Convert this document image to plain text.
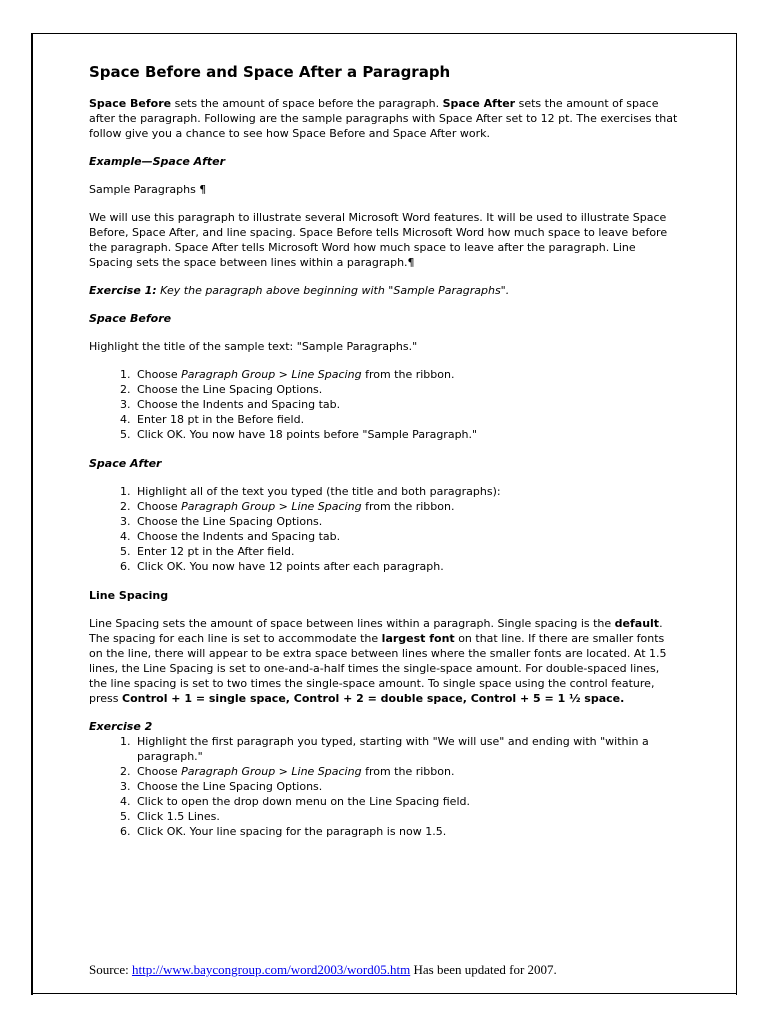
Space Before and Space After a Paragraph

Space Before sets the amount of space before the paragraph. Space After sets the amount of space after the paragraph. Following are the sample paragraphs with Space After set to 12 pt. The exercises that follow give you a chance to see how Space Before and Space After work.

Example—Space After

Sample Paragraphs ¶

We will use this paragraph to illustrate several Microsoft Word features. It will be used to illustrate Space Before, Space After, and line spacing. Space Before tells Microsoft Word how much space to leave before the paragraph. Space After tells Microsoft Word how much space to leave after the paragraph. Line Spacing sets the space between lines within a paragraph.¶

Exercise 1: Key the paragraph above beginning with "Sample Paragraphs".

Space Before

Highlight the title of the sample text: "Sample Paragraphs."

1. Choose Paragraph Group > Line Spacing from the ribbon.
2. Choose the Line Spacing Options.
3. Choose the Indents and Spacing tab.
4. Enter 18 pt in the Before field.
5. Click OK. You now have 18 points before "Sample Paragraph."
Space After
1. Highlight all of the text you typed (the title and both paragraphs):
2. Choose Paragraph Group > Line Spacing from the ribbon.
3. Choose the Line Spacing Options.
4. Choose the Indents and Spacing tab.
5. Enter 12 pt in the After field.
6. Click OK. You now have 12 points after each paragraph.
Line Spacing

Line Spacing sets the amount of space between lines within a paragraph. Single spacing is the default. The spacing for each line is set to accommodate the largest font on that line. If there are smaller fonts on the line, there will appear to be extra space between lines where the smaller fonts are located. At 1.5 lines, the Line Spacing is set to one-and-a-half times the single-space amount. For double-spaced lines, the line spacing is set to two times the single-space amount. To single space using the control feature, press Control + 1 = single space, Control + 2 = double space, Control + 5 = 1 ½ space.

Exercise 2
1. Highlight the first paragraph you typed, starting with "We will use" and ending with "within a paragraph."
2. Choose Paragraph Group > Line Spacing from the ribbon.
3. Choose the Line Spacing Options.
4. Click to open the drop down menu on the Line Spacing field.
5. Click 1.5 Lines.
6. Click OK. Your line spacing for the paragraph is now 1.5.
Source: http://www.baycongroup.com/word2003/word05.htm Has been updated for 2007.
